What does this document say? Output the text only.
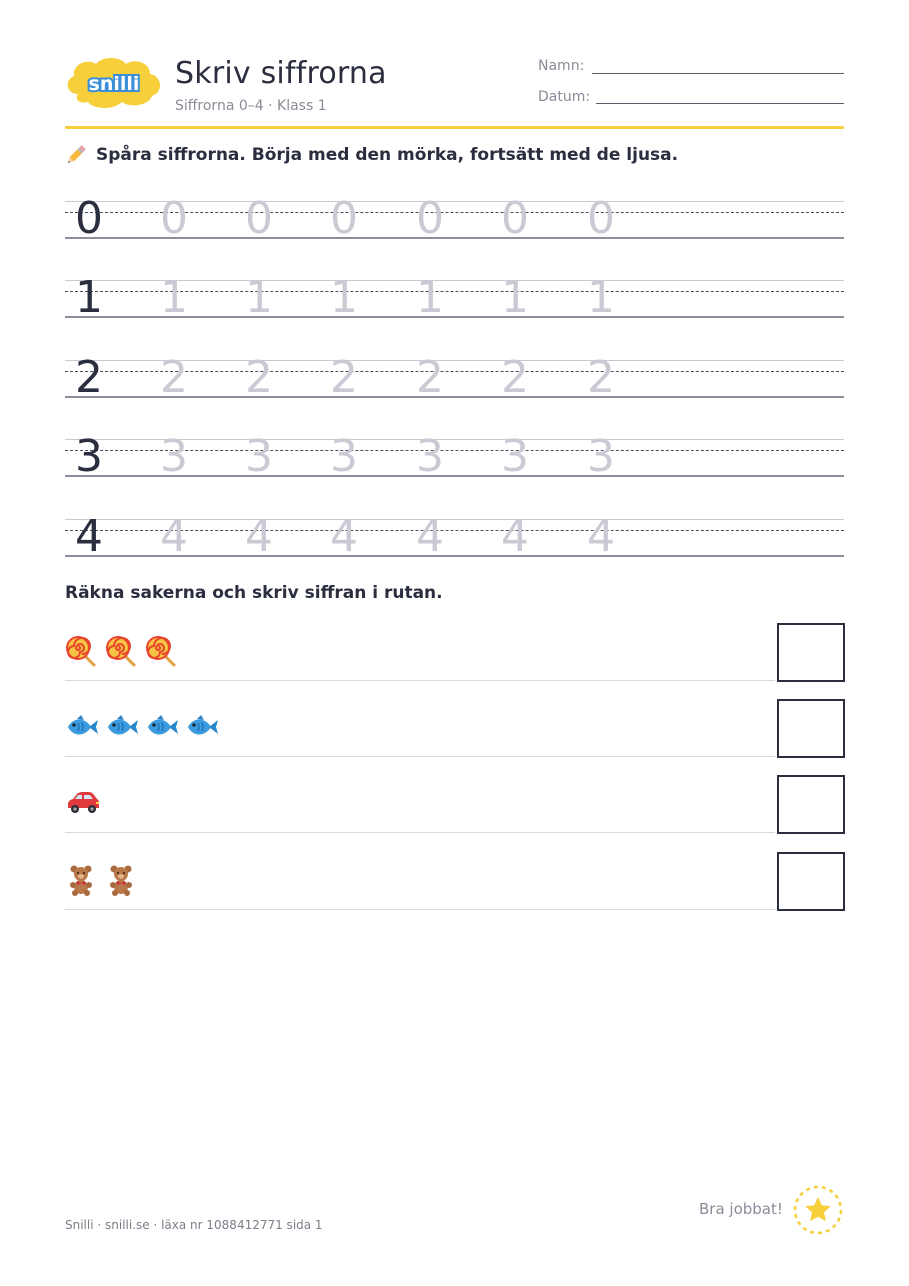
snilli Skriv siffrorna
Siffrorna 0–4 · Klass 1
Namn:
Datum:
Spåra siffrorna. Börja med den mörka, fortsätt med de ljusa.
0 0 0 0 0 0 0
1 1 1 1 1 1 1
2 2 2 2 2 2 2
3 3 3 3 3 3 3
4 4 4 4 4 4 4
Räkna sakerna och skriv siffran i rutan.
Snilli · snilli.se · läxa nr 1088412771 sida 1
Bra jobbat!
